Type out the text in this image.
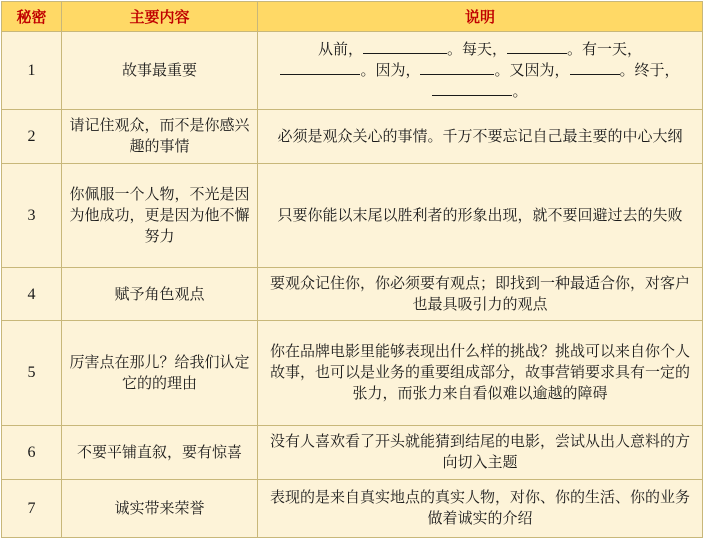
秘密	主要内容	说明
1	故事最重要	从前， 。每天， 。有一天，
。因为， 。又因为， 。终于，。
2	请记住观众，而不是你感兴趣的事情	必须是观众关心的事情。千万不要忘记自己最主要的中心大纲
3	你佩服一个人物，不光是因为他成功，更是因为他不懈努力	只要你能以末尾以胜利者的形象出现，就不要回避过去的失败
4	赋予角色观点	要观众记住你，你必须要有观点；即找到一种最适合你，对客户也最具吸引力的观点
5	厉害点在那儿？给我们认定它的的理由	你在品牌电影里能够表现出什么样的挑战？挑战可以来自你个人故事，也可以是业务的重要组成部分，故事营销要求具有一定的张力，而张力来自看似难以逾越的障碍
6	不要平铺直叙，要有惊喜	没有人喜欢看了开头就能猜到结尾的电影，尝试从出人意料的方向切入主题
7	诚实带来荣誉	表现的是来自真实地点的真实人物，对你、你的生活、你的业务做着诚实的介绍
